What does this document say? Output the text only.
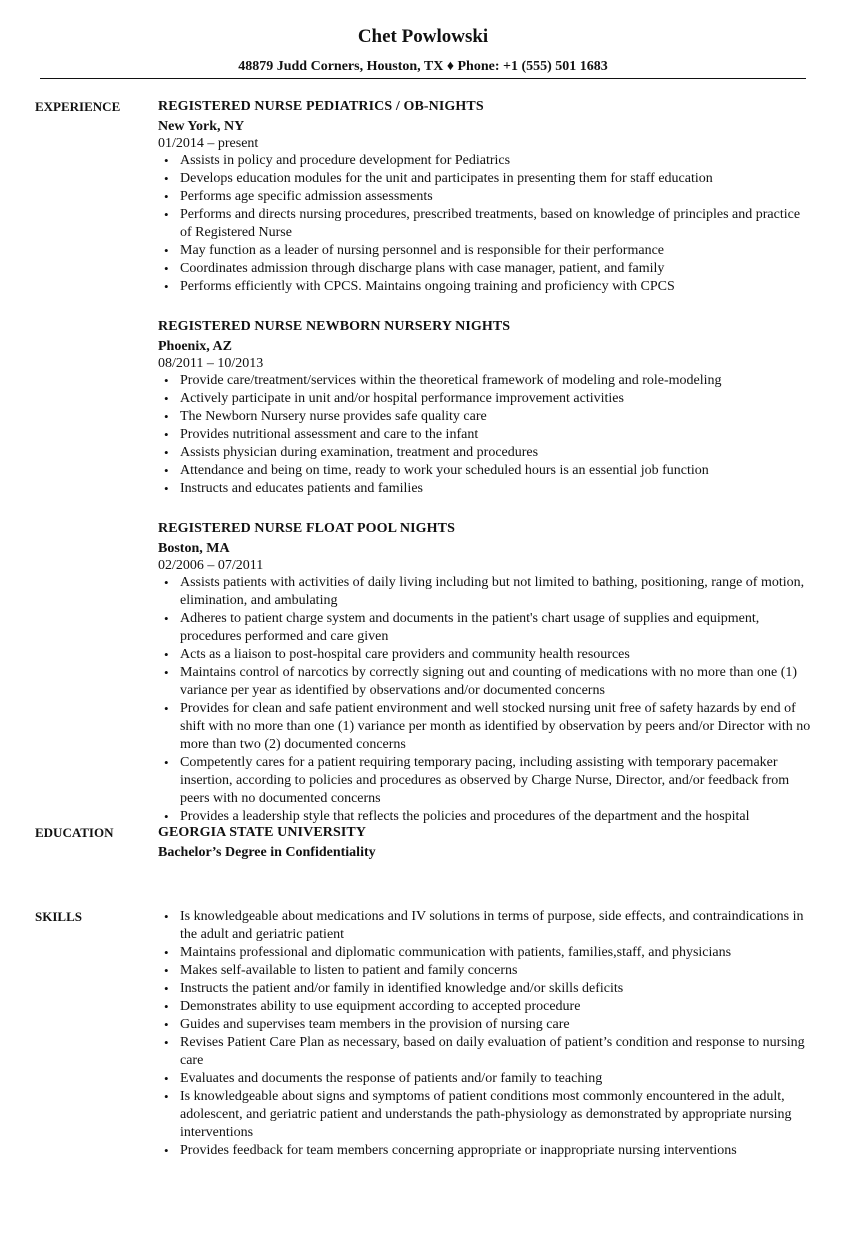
Chet Powlowski
48879 Judd Corners, Houston, TX ♦ Phone: +1 (555) 501 1683
EXPERIENCE	REGISTERED NURSE PEDIATRICS / OB-NIGHTS
New York, NY
01/2014 – present
• Assists in policy and procedure development for Pediatrics
• Develops education modules for the unit and participates in presenting them for staff education
• Performs age specific admission assessments
• Performs and directs nursing procedures, prescribed treatments, based on knowledge of principles and practice of Registered Nurse
• May function as a leader of nursing personnel and is responsible for their performance
• Coordinates admission through discharge plans with case manager, patient, and family
• Performs efficiently with CPCS. Maintains ongoing training and proficiency with CPCS
REGISTERED NURSE NEWBORN NURSERY NIGHTS
Phoenix, AZ
08/2011 – 10/2013
• Provide care/treatment/services within the theoretical framework of modeling and role-modeling
• Actively participate in unit and/or hospital performance improvement activities
• The Newborn Nursery nurse provides safe quality care
• Provides nutritional assessment and care to the infant
• Assists physician during examination, treatment and procedures
• Attendance and being on time, ready to work your scheduled hours is an essential job function
• Instructs and educates patients and families
REGISTERED NURSE FLOAT POOL NIGHTS
Boston, MA
02/2006 – 07/2011
• Assists patients with activities of daily living including but not limited to bathing, positioning, range of motion, elimination, and ambulating
• Adheres to patient charge system and documents in the patient's chart usage of supplies and equipment, procedures performed and care given
• Acts as a liaison to post-hospital care providers and community health resources
• Maintains control of narcotics by correctly signing out and counting of medications with no more than one (1) variance per year as identified by observations and/or documented concerns
• Provides for clean and safe patient environment and well stocked nursing unit free of safety hazards by end of shift with no more than one (1) variance per month as identified by observation by peers and/or Director with no more than two (2) documented concerns
• Competently cares for a patient requiring temporary pacing, including assisting with temporary pacemaker insertion, according to policies and procedures as observed by Charge Nurse, Director, and/or feedback from peers with no documented concerns
• Provides a leadership style that reflects the policies and procedures of the department and the hospital
EDUCATION	GEORGIA STATE UNIVERSITY
Bachelor’s Degree in Confidentiality
SKILLS
•	Is knowledgeable about medications and IV solutions in terms of purpose, side effects, and contraindications in the adult and geriatric patient
• Maintains professional and diplomatic communication with patients, families,staff, and physicians
• Makes self-available to listen to patient and family concerns
• Instructs the patient and/or family in identified knowledge and/or skills deficits
• Demonstrates ability to use equipment according to accepted procedure
• Guides and supervises team members in the provision of nursing care
• Revises Patient Care Plan as necessary, based on daily evaluation of patient’s condition and response to nursing care
• Evaluates and documents the response of patients and/or family to teaching
• Is knowledgeable about signs and symptoms of patient conditions most commonly encountered in the adult, adolescent, and geriatric patient and understands the path-physiology as demonstrated by appropriate nursing interventions
• Provides feedback for team members concerning appropriate or inappropriate nursing interventions
